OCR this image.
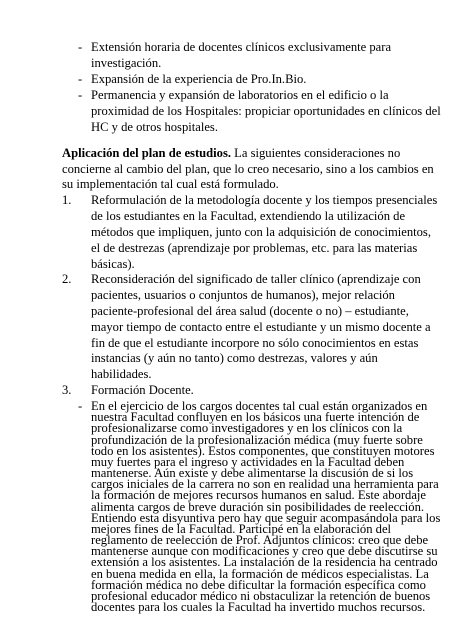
- Extensión horaria de docentes clínicos exclusivamente para
investigación.
- Expansión de la experiencia de Pro.In.Bio.
- Permanencia y expansión de laboratorios en el edificio o la
proximidad de los Hospitales: propiciar oportunidades en clínicos del
HC y de otros hospitales.
Aplicación del plan de estudios. La siguientes consideraciones no
concierne al cambio del plan, que lo creo necesario, sino a los cambios en
su implementación tal cual está formulado.
1. Reformulación de la metodología docente y los tiempos presenciales
de los estudiantes en la Facultad, extendiendo la utilización de
métodos que impliquen, junto con la adquisición de conocimientos,
el de destrezas (aprendizaje por problemas, etc. para las materias
básicas).
2. Reconsideración del significado de taller clínico (aprendizaje con
pacientes, usuarios o conjuntos de humanos), mejor relación
paciente-profesional del área salud (docente o no) – estudiante,
mayor tiempo de contacto entre el estudiante y un mismo docente a
fin de que el estudiante incorpore no sólo conocimientos en estas
instancias (y aún no tanto) como destrezas, valores y aún
habilidades.
3. Formación Docente.
- En el ejercicio de los cargos docentes tal cual están organizados en
nuestra Facultad confluyen en los básicos una fuerte intención de
profesionalizarse como investigadores y en los clínicos con la
profundización de la profesionalización médica (muy fuerte sobre
todo en los asistentes). Estos componentes, que constituyen motores
muy fuertes para el ingreso y actividades en la Facultad deben
mantenerse. Aún existe y debe alimentarse la discusión de si los
cargos iniciales de la carrera no son en realidad una herramienta para
la formación de mejores recursos humanos en salud. Este abordaje
alimenta cargos de breve duración sin posibilidades de reelección.
Entiendo esta disyuntiva pero hay que seguir acompasándola para los
mejores fines de la Facultad. Participé en la elaboración del
reglamento de reelección de Prof. Adjuntos clínicos: creo que debe
mantenerse aunque con modificaciones y creo que debe discutirse su
extensión a los asistentes. La instalación de la residencia ha centrado
en buena medida en ella, la formación de médicos especialistas. La
formación médica no debe dificultar la formación específica como
profesional educador médico ni obstaculizar la retención de buenos
docentes para los cuales la Facultad ha invertido muchos recursos.
